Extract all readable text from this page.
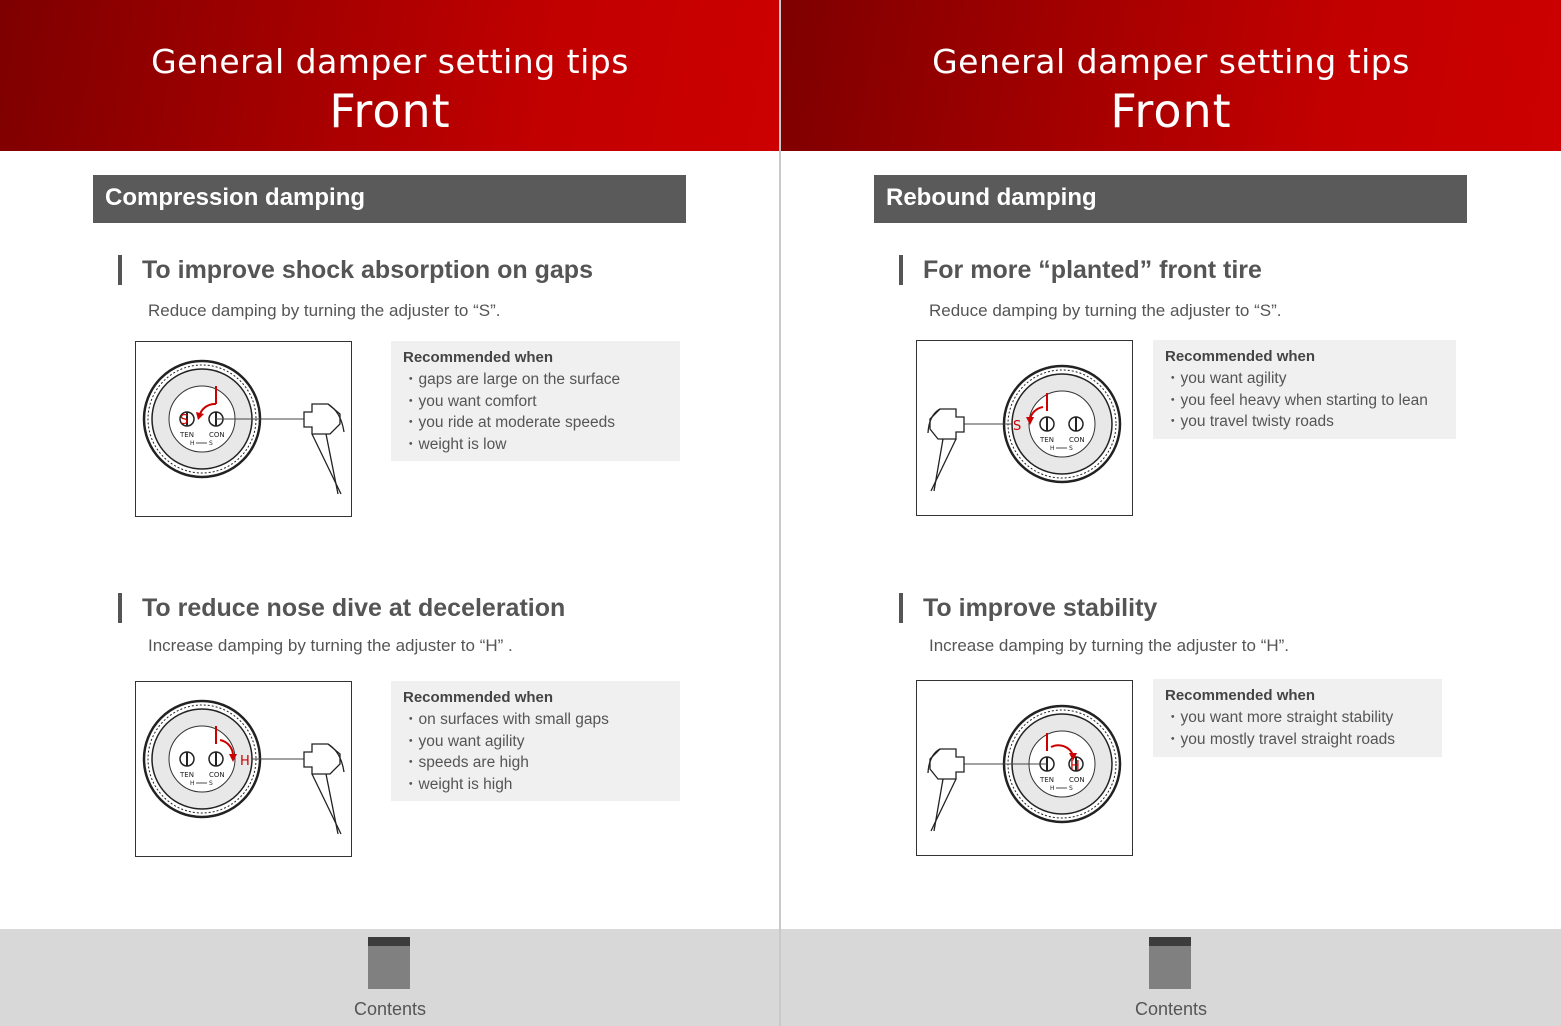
General damper setting tips
Front
Compression damping
To improve shock absorption on gaps
Reduce damping by turning the adjuster to “S”.
TEN CON
H S
S
Recommended when
・ gaps are large on the surface
・ you want comfort
・ you ride at moderate speeds
・ weight is low
To reduce nose dive at deceleration
Increase damping by turning the adjuster to “H” .
TEN CON
H S
H
Recommended when
・ on surfaces with small gaps
・ you want agility
・ speeds are high
・ weight is high
Contents
General damper setting tips
Front
Rebound damping
For more “planted” front tire
Reduce damping by turning the adjuster to “S”.
TEN CON
H S
S
Recommended when
・ you want agility
・ you feel heavy when starting to lean
・ you travel twisty roads
To improve stability
Increase damping by turning the adjuster to “H”.
TEN CON
H S
H
Recommended when
・ you want more straight stability
・ you mostly travel straight roads
Contents
